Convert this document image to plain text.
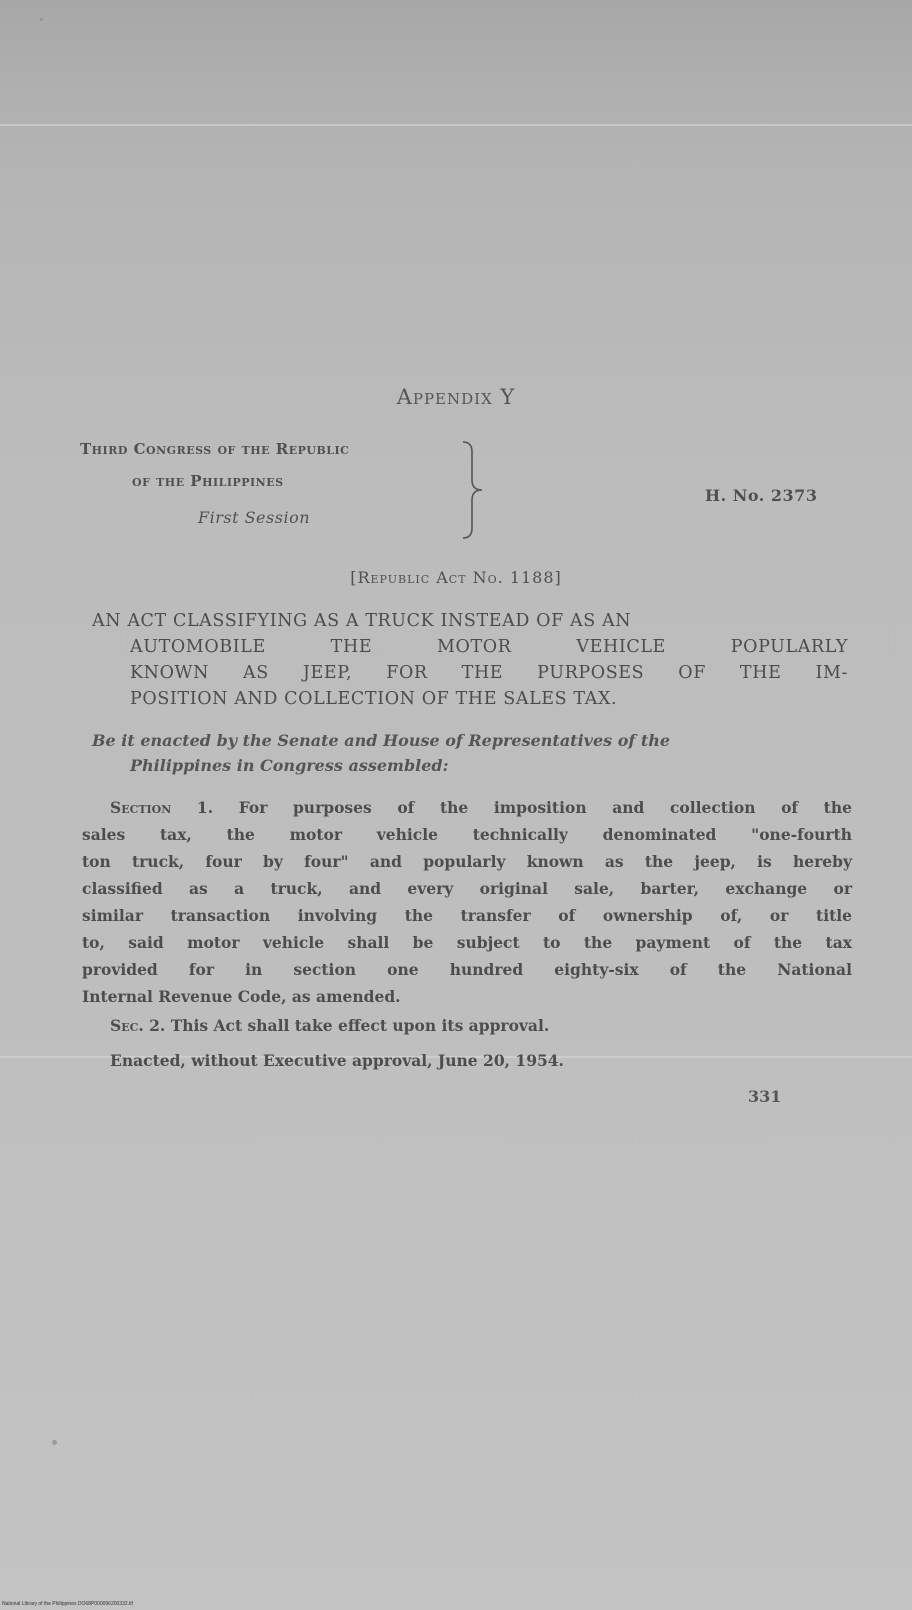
Appendix Y
Third Congress of the Republic
of the Philippines
First Session
H. No. 2373
[Republic Act No. 1188]
AN ACT CLASSIFYING AS A TRUCK INSTEAD OF AS AN
AUTOMOBILE THE MOTOR VEHICLE POPULARLY
KNOWN AS JEEP, FOR THE PURPOSES OF THE IM-
POSITION AND COLLECTION OF THE SALES TAX.
Be it enacted by the Senate and House of Representatives of the
Philippines in Congress assembled:
Section 1. For purposes of the imposition and collection of the
sales tax, the motor vehicle technically denominated "one-fourth
ton truck, four by four" and popularly known as the jeep, is hereby
classified as a truck, and every original sale, barter, exchange or
similar transaction involving the transfer of ownership of, or title
to, said motor vehicle shall be subject to the payment of the tax
provided for in section one hundred eighty-six of the National
Internal Revenue Code, as amended.
Sec. 2. This Act shall take effect upon its approval.
Enacted, without Executive approval, June 20, 1954.
331
National Library of the Philippines DO68P000096200332.tif
